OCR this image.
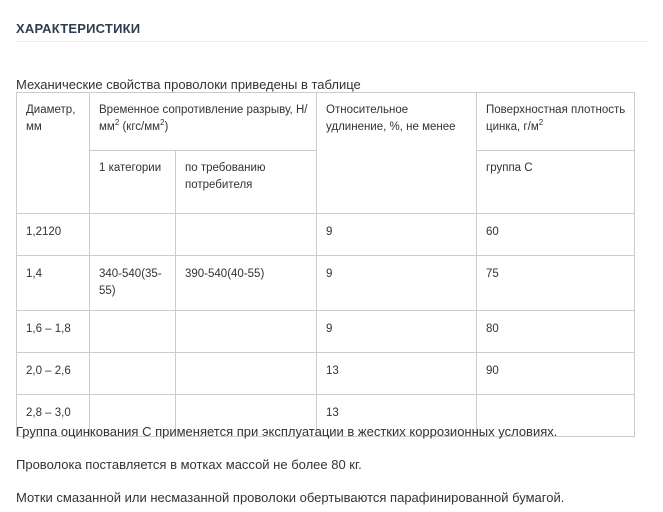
ХАРАКТЕРИСТИКИ

Механические свойства проволоки приведены в таблице

Диаметр, мм	Временное сопротивление разрыву, $Н/мм^2$ $(кгс/мм^2)$		Относительное удлинение, %, не менее	Поверхностная плотность цинка, $г/м^2$
	1 категории	по требованию потребителя		группа С
1,2120			9	60
1,4	340-540(35-55)	390-540(40-55)	9	75
1,6 – 1,8			9	80
2,0 – 2,6			13	90
2,8 – 3,0			13	

Группа оцинкования С применяется при эксплуатации в жестких коррозионных условиях.

Проволока поставляется в мотках массой не более 80 кг.

Мотки смазанной или несмазанной проволоки обертываются парафинированной бумагой.
